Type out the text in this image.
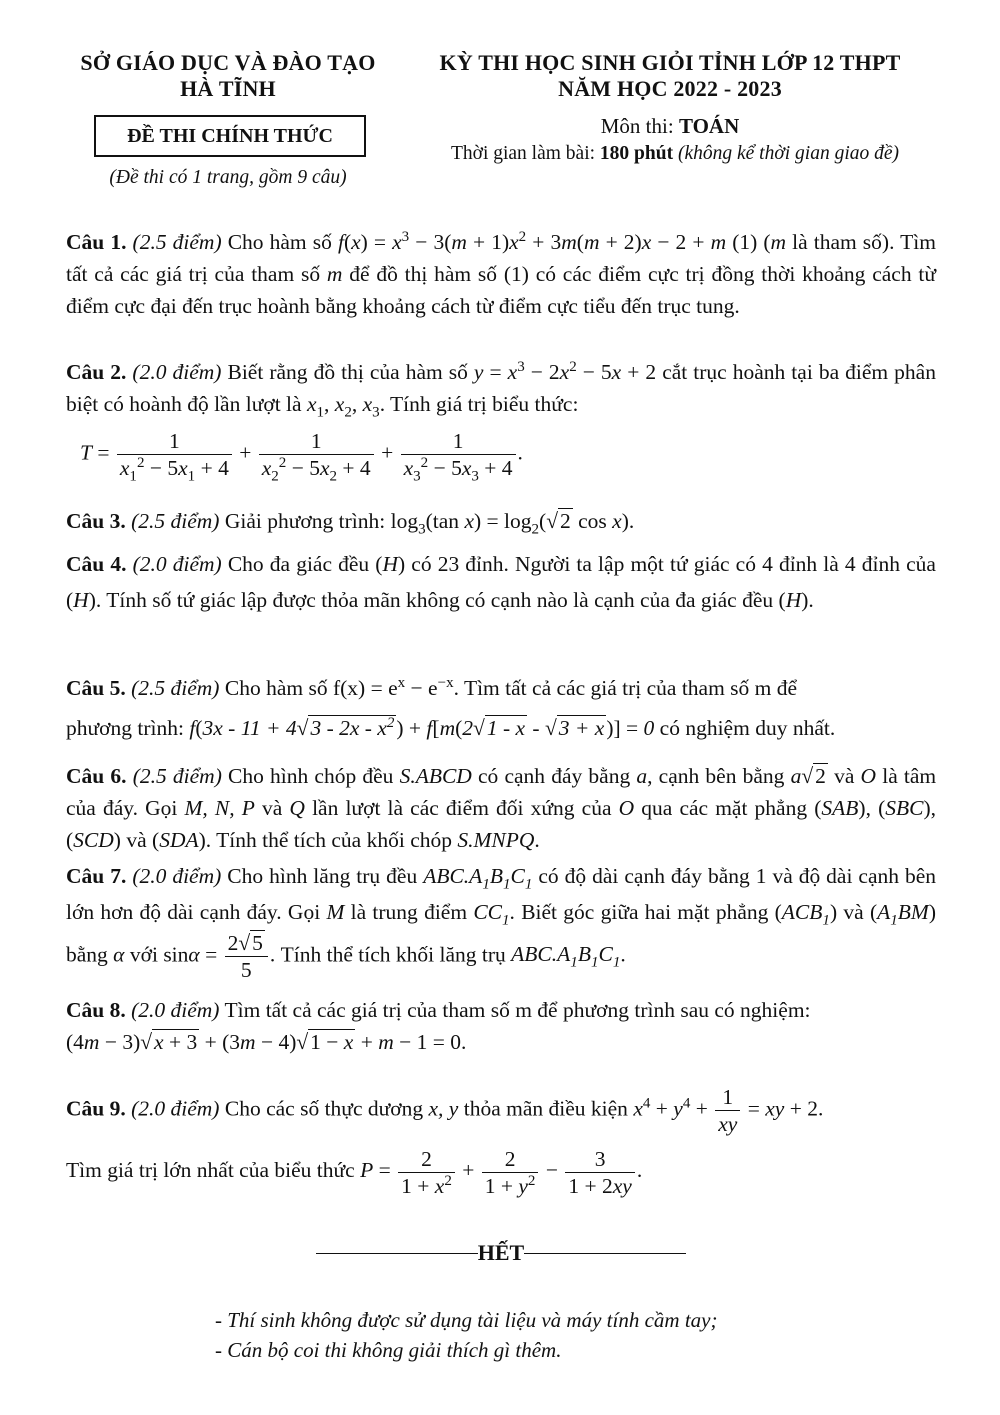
SỞ GIÁO DỤC VÀ ĐÀO TẠO
HÀ TĨNH
ĐỀ THI CHÍNH THỨC
(Đề thi có 1 trang, gồm 9 câu)
KỲ THI HỌC SINH GIỎI TỈNH LỚP 12 THPT
NĂM HỌC 2022 - 2023
Môn thi: TOÁN
Thời gian làm bài: 180 phút (không kể thời gian giao đề)
Câu 1. (2.5 điểm) Cho hàm số $f(x) = x^3 - 3(m + 1)x^2 + 3m(m + 2)x - 2 + m$ (1) (m là tham số). Tìm tất cả các giá trị của tham số m để đồ thị hàm số (1) có các điểm cực trị đồng thời khoảng cách từ điểm cực đại đến trục hoành bằng khoảng cách từ điểm cực tiểu đến trục tung.
Câu 2. (2.0 điểm) Biết rằng đồ thị của hàm số $y = x^3 - 2x^2 - 5x + 2$ cắt trục hoành tại ba điểm phân biệt có hoành độ lần lượt là $x_1$, $x_2$, $x_3$. Tính giá trị biểu thức:
$T = \frac{1}{x_1^2 - 5x_1 + 4} + \frac{1}{x_2^2 - 5x_2 + 4} + \frac{1}{x_3^2 - 5x_3 + 4}$ .
Câu 3. (2.5 điểm) Giải phương trình: $\log_3(\tan$ $x) = \log_2(√2$ cos x).
Câu 4. (2.0 điểm) Cho đa giác đều (H) có 23 đỉnh. Người ta lập một tứ giác có 4 đỉnh là 4 đỉnh của (H). Tính số tứ giác lập được thỏa mãn không có cạnh nào là cạnh của đa giác đều (H).
Câu 5. (2.5 điểm) Cho hàm số $f(x) = e^x - e^{-x}$. Tìm tất cả các giá trị của tham số m để
phương trình: $f(3x - 11 + 4√3 - 2x - x^2) + f[m(2√1 - x - √3 + x)] = 0$ có nghiệm duy nhất.
Câu 6. (2.5 điểm) Cho hình chóp đều S.ABCD có cạnh đáy bằng a, cạnh bên bằng a√2 và O là tâm của đáy. Gọi M, N, P và Q lần lượt là các điểm đối xứng của O qua các mặt phẳng (SAB), (SBC), (SCD) và (SDA). Tính thể tích của khối chóp S.MNPQ.
Câu 7. (2.0 điểm) Cho hình lăng trụ đều $ABC.A_1B_1C_1$ có độ dài cạnh đáy bằng 1 và độ dài cạnh bên lớn hơn độ dài cạnh đáy. Gọi M là trung điểm $CC_1$. Biết góc giữa hai mặt phẳng $(ACB_1)$ và $(A_1BM)$ bằng α với $\sin\alpha = \frac{2√5}{5}$ . Tính thể tích khối lăng trụ $ABC.A_1B_1C_1$.
Câu 8. (2.0 điểm) Tìm tất cả các giá trị của tham số m để phương trình sau có nghiệm:
(4m − 3)√x + 3 + (3m − 4)√1 − x + m − 1 = 0.
Câu 9. (2.0 điểm) Cho các số thực dương x, y thỏa mãn điều kiện $x^4 + y^4 + \frac{1}{xy}$ = xy + 2.
Tìm giá trị lớn nhất của biểu thức $P = \frac{2}{1 + x^2} + \frac{2}{1 + y^2} - \frac{3}{1 + 2xy}$ .
HẾT
- Thí sinh không được sử dụng tài liệu và máy tính cầm tay;
- Cán bộ coi thi không giải thích gì thêm.
